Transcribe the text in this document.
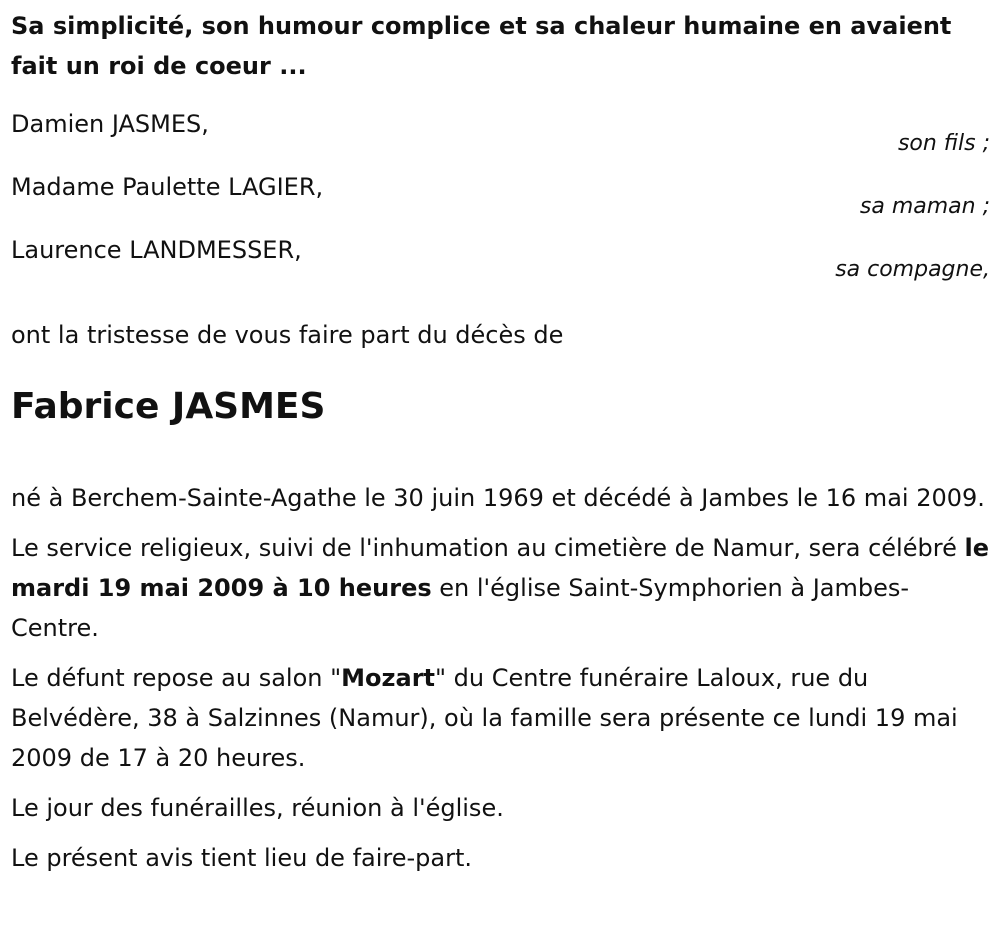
Sa simplicité, son humour complice et sa chaleur humaine en avaient fait un roi de coeur ...

Damien JASMES,

son fils ;

Madame Paulette LAGIER,

sa maman ;

Laurence LANDMESSER,

sa compagne,

ont la tristesse de vous faire part du décès de

Fabrice JASMES

né à Berchem-Sainte-Agathe le 30 juin 1969 et décédé à Jambes le 16 mai 2009.

Le service religieux, suivi de l'inhumation au cimetière de Namur, sera célébré le mardi 19 mai 2009 à 10 heures en l'église Saint-Symphorien à Jambes-Centre.

Le défunt repose au salon "Mozart" du Centre funéraire Laloux, rue du Belvédère, 38 à Salzinnes (Namur), où la famille sera présente ce lundi 19 mai 2009 de 17 à 20 heures.

Le jour des funérailles, réunion à l'église.

Le présent avis tient lieu de faire-part.
